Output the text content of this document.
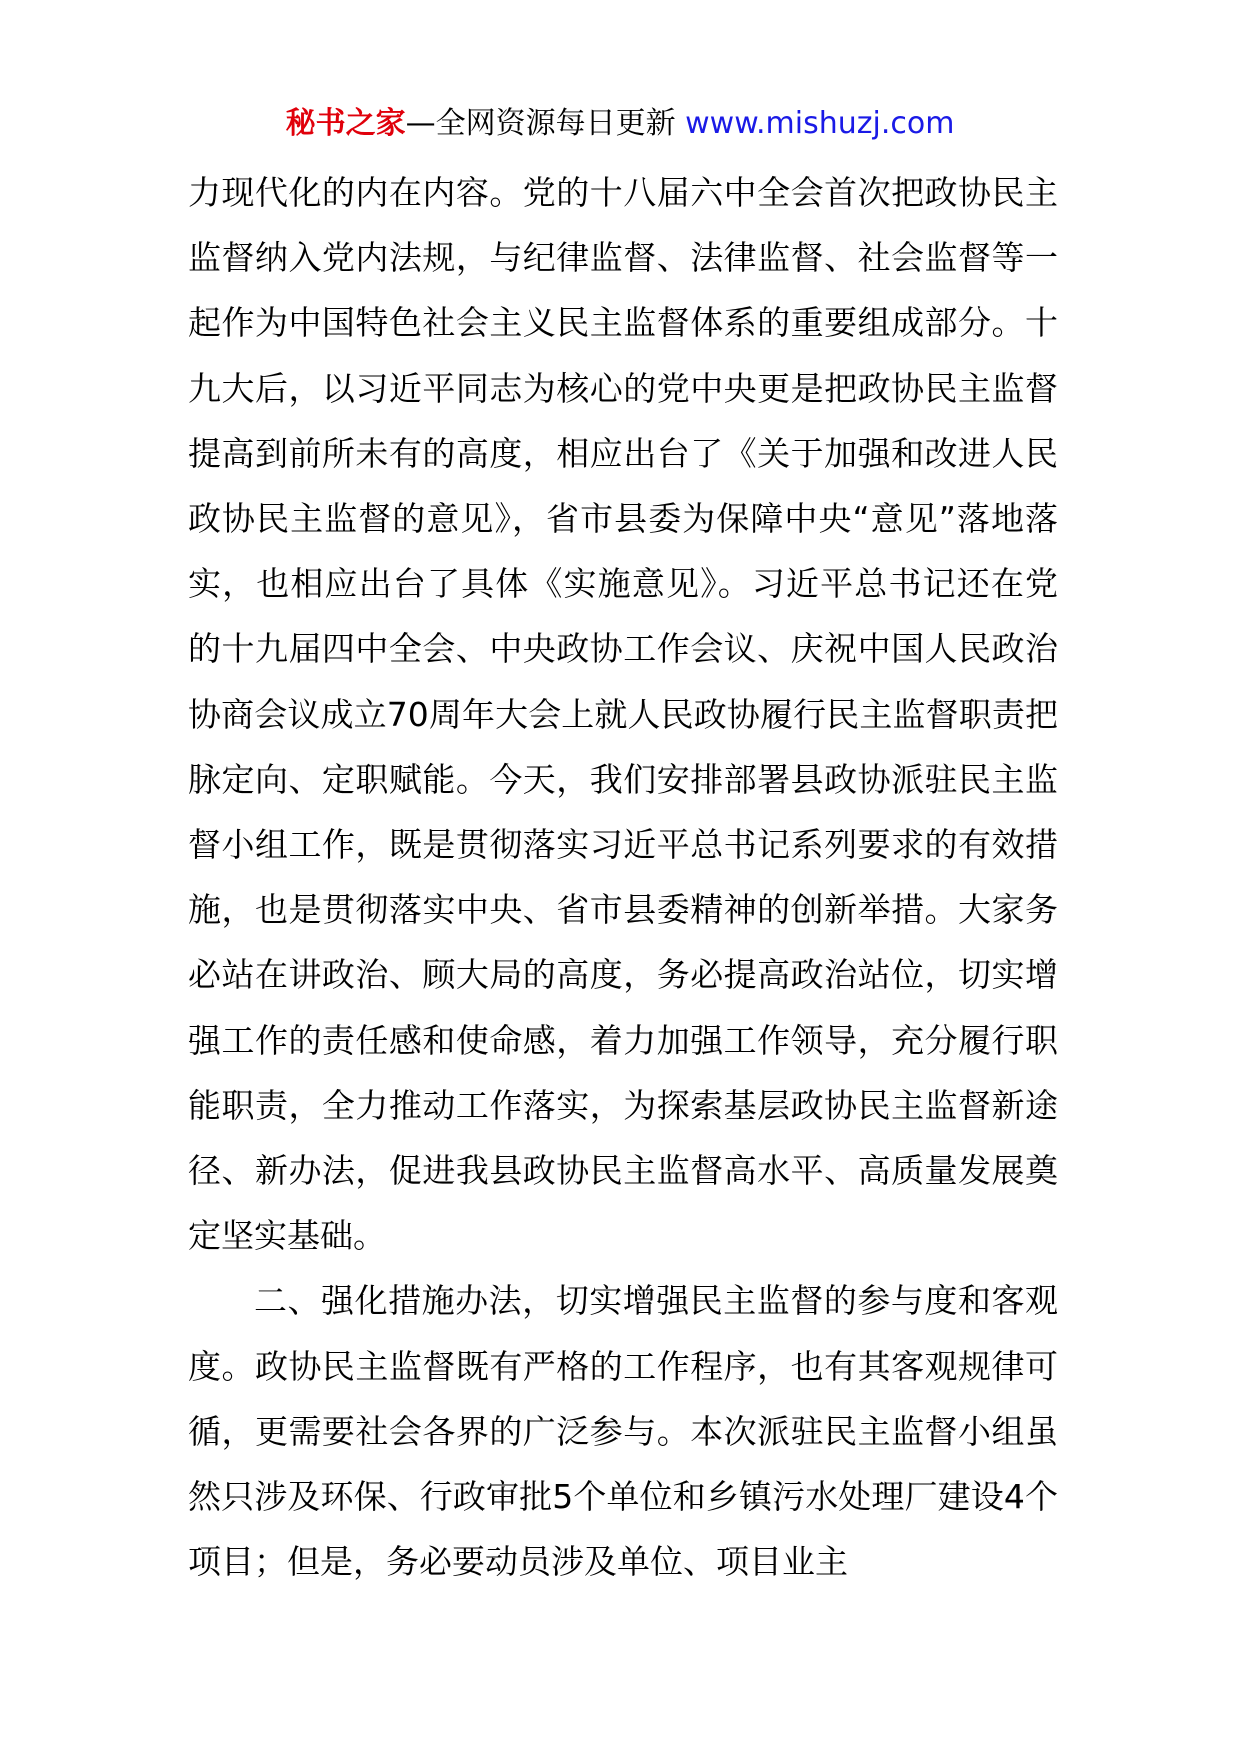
秘书之家—全网资源每日更新 www.mishuzj.com

力现代化的内在内容。党的十八届六中全会首次把政协民主监督纳入党内法规，与纪律监督、法律监督、社会监督等一起作为中国特色社会主义民主监督体系的重要组成部分。十九大后，以习近平同志为核心的党中央更是把政协民主监督提高到前所未有的高度，相应出台了《关于加强和改进人民政协民主监督的意见》，省市县委为保障中央“意见”落地落实，也相应出台了具体《实施意见》。习近平总书记还在党的十九届四中全会、中央政协工作会议、庆祝中国人民政治协商会议成立70周年大会上就人民政协履行民主监督职责把脉定向、定职赋能。今天，我们安排部署县政协派驻民主监督小组工作，既是贯彻落实习近平总书记系列要求的有效措施，也是贯彻落实中央、省市县委精神的创新举措。大家务必站在讲政治、顾大局的高度，务必提高政治站位，切实增强工作的责任感和使命感，着力加强工作领导，充分履行职能职责，全力推动工作落实，为探索基层政协民主监督新途径、新办法，促进我县政协民主监督高水平、高质量发展奠定坚实基础。

二、强化措施办法，切实增强民主监督的参与度和客观度。政协民主监督既有严格的工作程序，也有其客观规律可循，更需要社会各界的广泛参与。本次派驻民主监督小组虽然只涉及环保、行政审批5个单位和乡镇污水处理厂建设4个项目；但是，务必要动员涉及单位、项目业主
